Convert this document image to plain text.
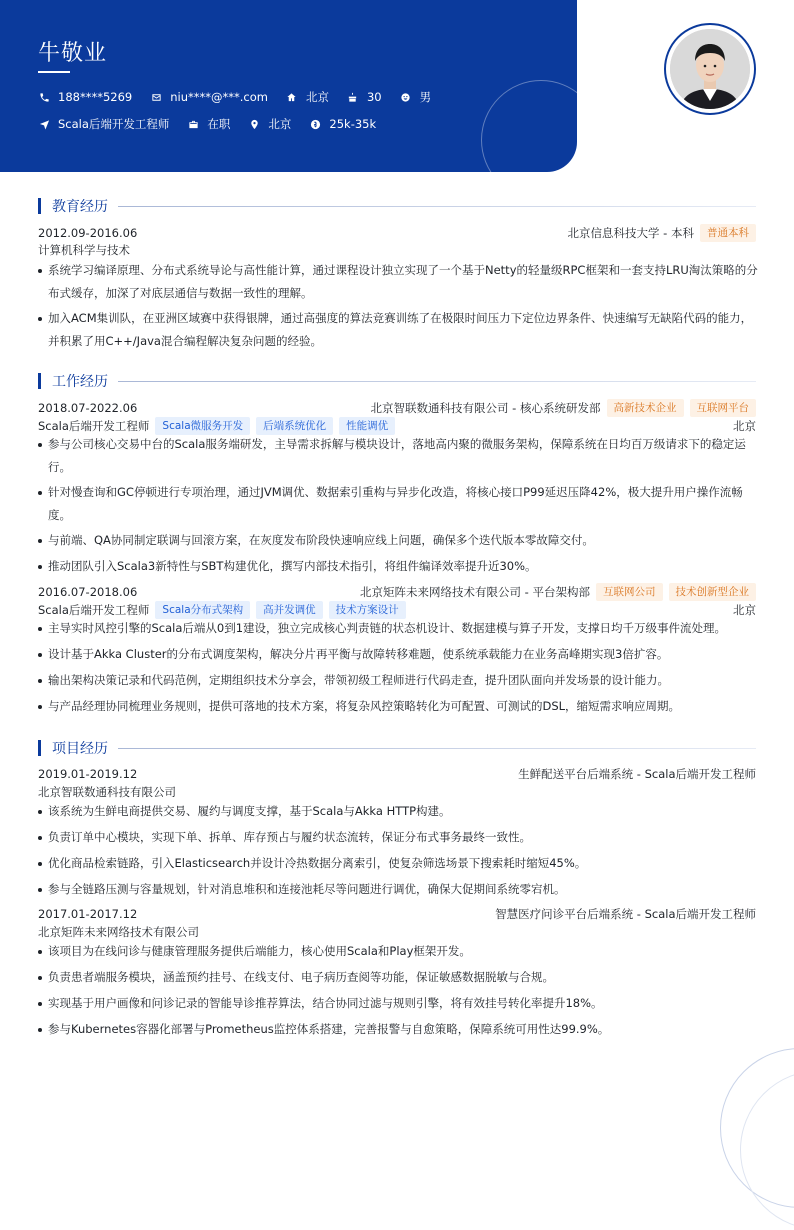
牛敬业
188****5269	niu****@***.com	北京	30	男
Scala后端开发工程师	在职	北京	25k-35k
教育经历
2012.09-2016.06	北京信息科技大学 - 本科	普通本科
计算机科学与技术
系统学习编译原理、分布式系统导论与高性能计算，通过课程设计独立实现了一个基于Netty的轻量级RPC框架和一套支持LRU淘汰策略的分布式缓存，加深了对底层通信与数据一致性的理解。
加入ACM集训队，在亚洲区域赛中获得银牌，通过高强度的算法竞赛训练了在极限时间压力下定位边界条件、快速编写无缺陷代码的能力，并积累了用C++/Java混合编程解决复杂问题的经验。
工作经历
2018.07-2022.06	北京智联数通科技有限公司 - 核心系统研发部	高新技术企业	互联网平台
Scala后端开发工程师	Scala微服务开发	后端系统优化	性能调优	北京
参与公司核心交易中台的Scala服务端研发，主导需求拆解与模块设计，落地高内聚的微服务架构，保障系统在日均百万级请求下的稳定运行。
针对慢查询和GC停顿进行专项治理，通过JVM调优、数据索引重构与异步化改造，将核心接口P99延迟压降42%，极大提升用户操作流畅度。
与前端、QA协同制定联调与回滚方案，在灰度发布阶段快速响应线上问题，确保多个迭代版本零故障交付。
推动团队引入Scala3新特性与SBT构建优化，撰写内部技术指引，将组件编译效率提升近30%。
2016.07-2018.06	北京矩阵未来网络技术有限公司 - 平台架构部	互联网公司	技术创新型企业
Scala后端开发工程师	Scala分布式架构	高并发调优	技术方案设计	北京
主导实时风控引擎的Scala后端从0到1建设，独立完成核心判责链的状态机设计、数据建模与算子开发，支撑日均千万级事件流处理。
设计基于Akka Cluster的分布式调度架构，解决分片再平衡与故障转移难题，使系统承载能力在业务高峰期实现3倍扩容。
输出架构决策记录和代码范例，定期组织技术分享会，带领初级工程师进行代码走查，提升团队面向并发场景的设计能力。
与产品经理协同梳理业务规则，提供可落地的技术方案，将复杂风控策略转化为可配置、可测试的DSL，缩短需求响应周期。
项目经历
2019.01-2019.12	生鲜配送平台后端系统 - Scala后端开发工程师
北京智联数通科技有限公司
该系统为生鲜电商提供交易、履约与调度支撑，基于Scala与Akka HTTP构建。
负责订单中心模块，实现下单、拆单、库存预占与履约状态流转，保证分布式事务最终一致性。
优化商品检索链路，引入Elasticsearch并设计冷热数据分离索引，使复杂筛选场景下搜索耗时缩短45%。
参与全链路压测与容量规划，针对消息堆积和连接池耗尽等问题进行调优，确保大促期间系统零宕机。
2017.01-2017.12	智慧医疗问诊平台后端系统 - Scala后端开发工程师
北京矩阵未来网络技术有限公司
该项目为在线问诊与健康管理服务提供后端能力，核心使用Scala和Play框架开发。
负责患者端服务模块，涵盖预约挂号、在线支付、电子病历查阅等功能，保证敏感数据脱敏与合规。
实现基于用户画像和问诊记录的智能导诊推荐算法，结合协同过滤与规则引擎，将有效挂号转化率提升18%。
参与Kubernetes容器化部署与Prometheus监控体系搭建，完善报警与自愈策略，保障系统可用性达99.9%。
